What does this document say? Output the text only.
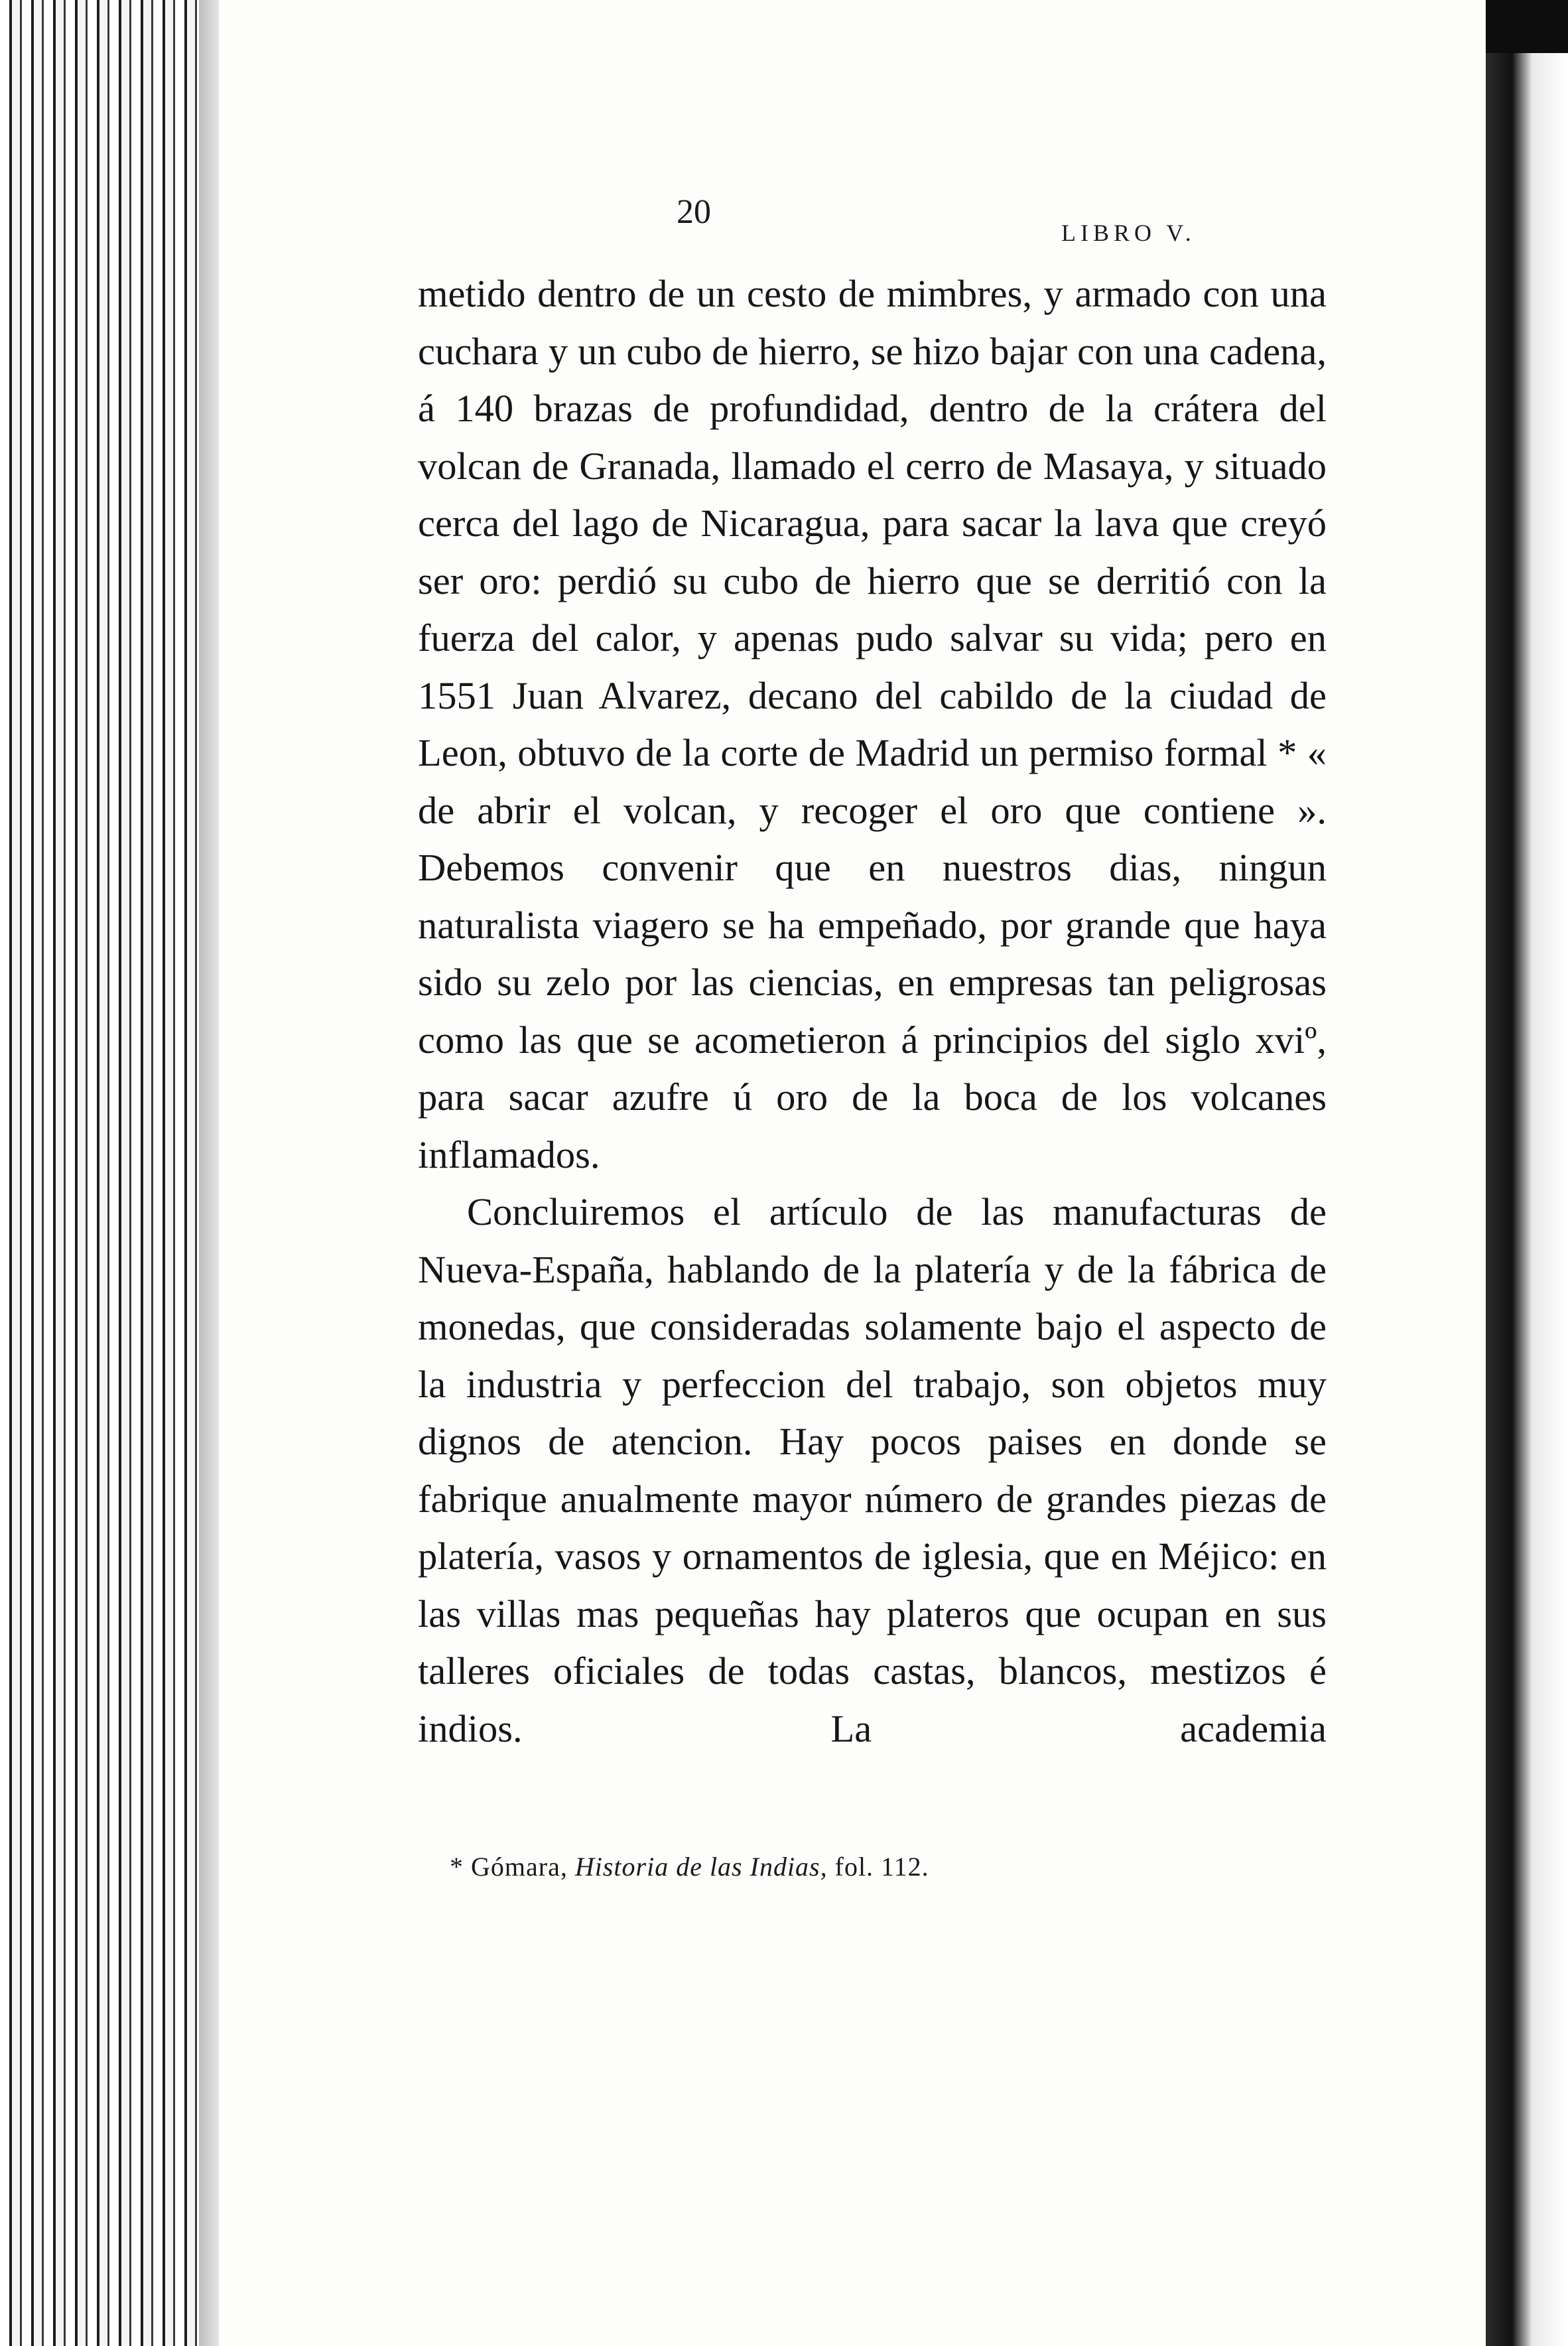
20
LIBRO V.

metido dentro de un cesto de mimbres, y armado con una cuchara y un cubo de hierro, se hizo bajar con una cadena, á 140 brazas de profundidad, dentro de la crátera del volcan de Granada, llamado el cerro de Masaya, y situado cerca del lago de Nicaragua, para sacar la lava que creyó ser oro: perdió su cubo de hierro que se derritió con la fuerza del calor, y apenas pudo salvar su vida; pero en 1551 Juan Alvarez, decano del cabildo de la ciudad de Leon, obtuvo de la corte de Madrid un permiso formal * « de abrir el volcan, y recoger el oro que contiene ». Debemos convenir que en nuestros dias, ningun naturalista viagero se ha empeñado, por grande que haya sido su zelo por las ciencias, en empresas tan peligrosas como las que se acometieron á principios del siglo xviº, para sacar azufre ú oro de la boca de los volcanes inflamados.

Concluiremos el artículo de las manufacturas de Nueva-España, hablando de la platería y de la fábrica de monedas, que consideradas solamente bajo el aspecto de la industria y perfeccion del trabajo, son objetos muy dignos de atencion. Hay pocos paises en donde se fabrique anualmente mayor número de grandes piezas de platería, vasos y ornamentos de iglesia, que en Méjico: en las villas mas pequeñas hay plateros que ocupan en sus talleres oficiales de todas castas, blancos, mestizos é indios. La academia

* Gómara, Historia de las Indias, fol. 112.
